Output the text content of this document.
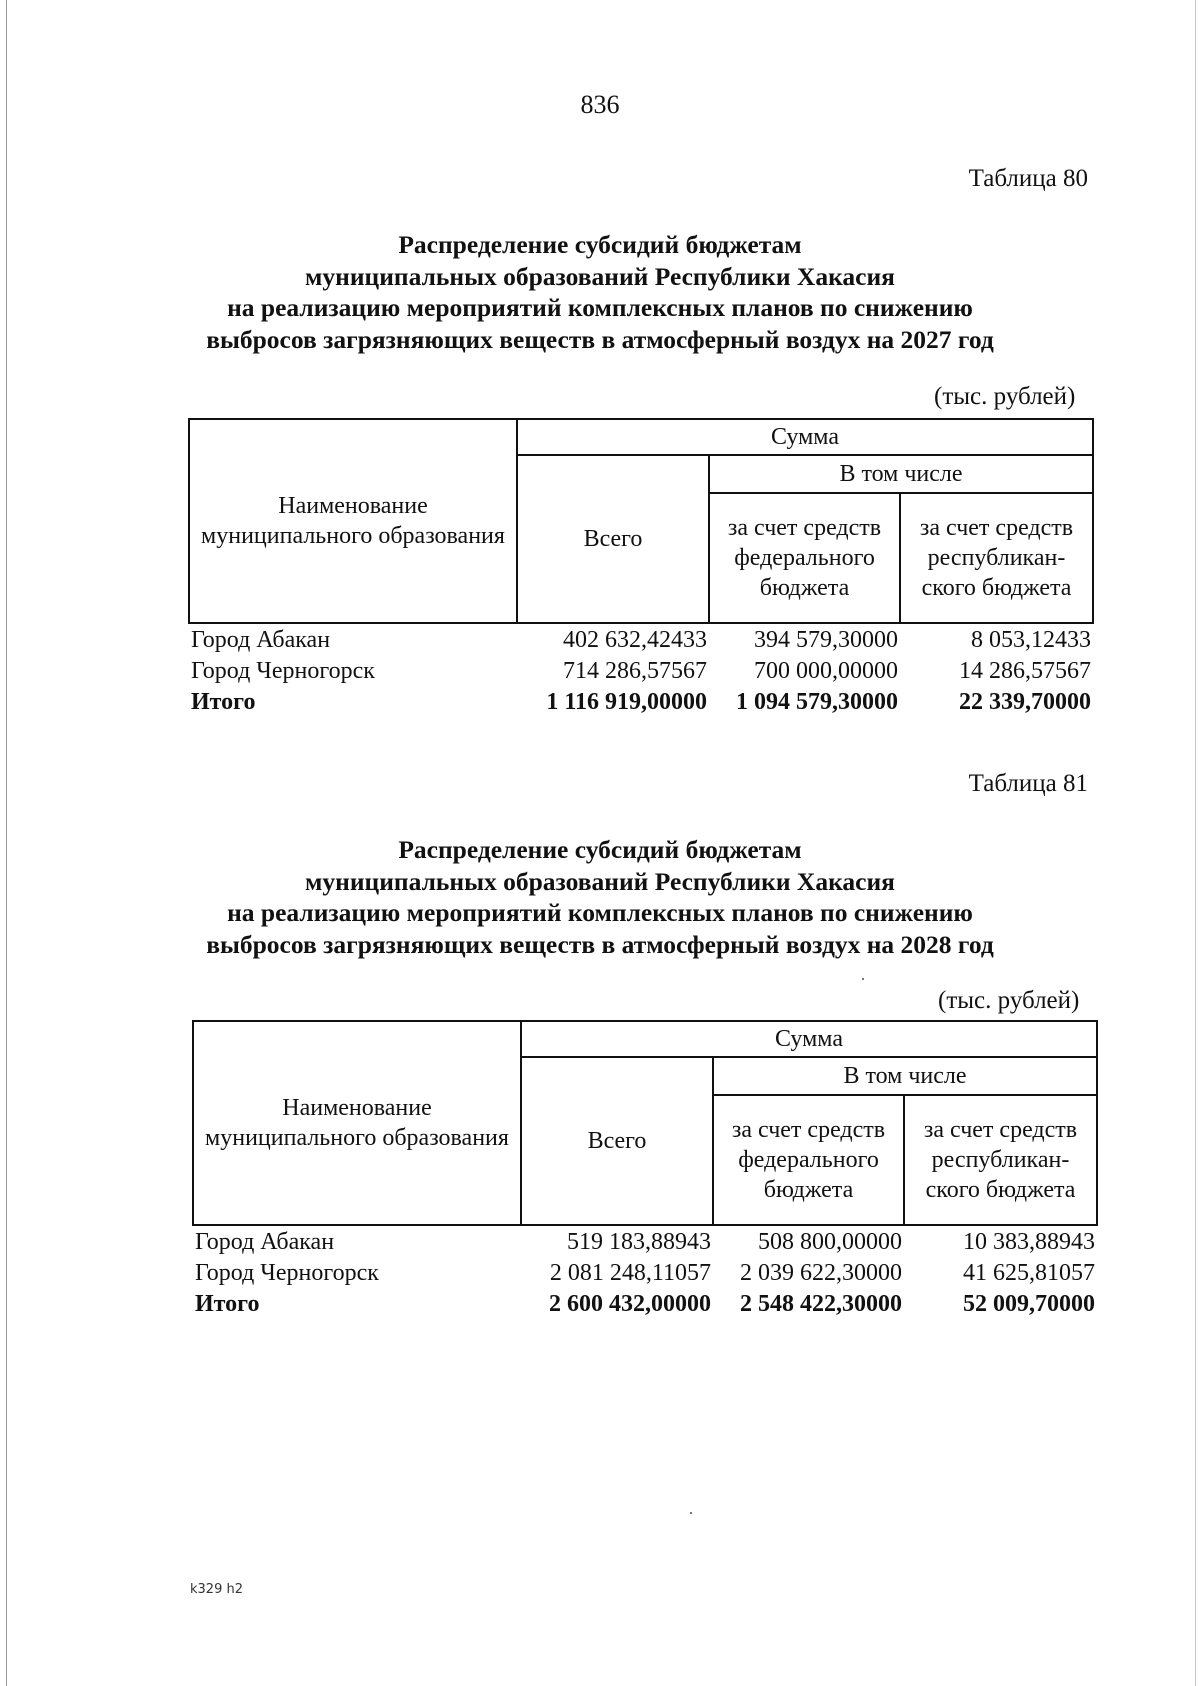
836
Таблица 80
Распределение субсидий бюджетам
муниципальных образований Республики Хакасия
на реализацию мероприятий комплексных планов по снижению
выбросов загрязняющих веществ в атмосферный воздух на 2027 год
(тыс. рублей)
Наименование муниципального образования	Сумма		
	Всего	В том числе	
		за счет средств федерального бюджета	за счет средств республикан-ского бюджета
Город Абакан	402 632,42433	394 579,30000	8 053,12433
Город Черногорск	714 286,57567	700 000,00000	14 286,57567
Итого	1 116 919,00000	1 094 579,30000	22 339,70000
Таблица 81
Распределение субсидий бюджетам
муниципальных образований Республики Хакасия
на реализацию мероприятий комплексных планов по снижению
выбросов загрязняющих веществ в атмосферный воздух на 2028 год
(тыс. рублей)
Наименование муниципального образования	Сумма		
	Всего	В том числе	
		за счет средств федерального бюджета	за счет средств республикан-ского бюджета
Город Абакан	519 183,88943	508 800,00000	10 383,88943
Город Черногорск	2 081 248,11057	2 039 622,30000	41 625,81057
Итого	2 600 432,00000	2 548 422,30000	52 009,70000
k329 h2
